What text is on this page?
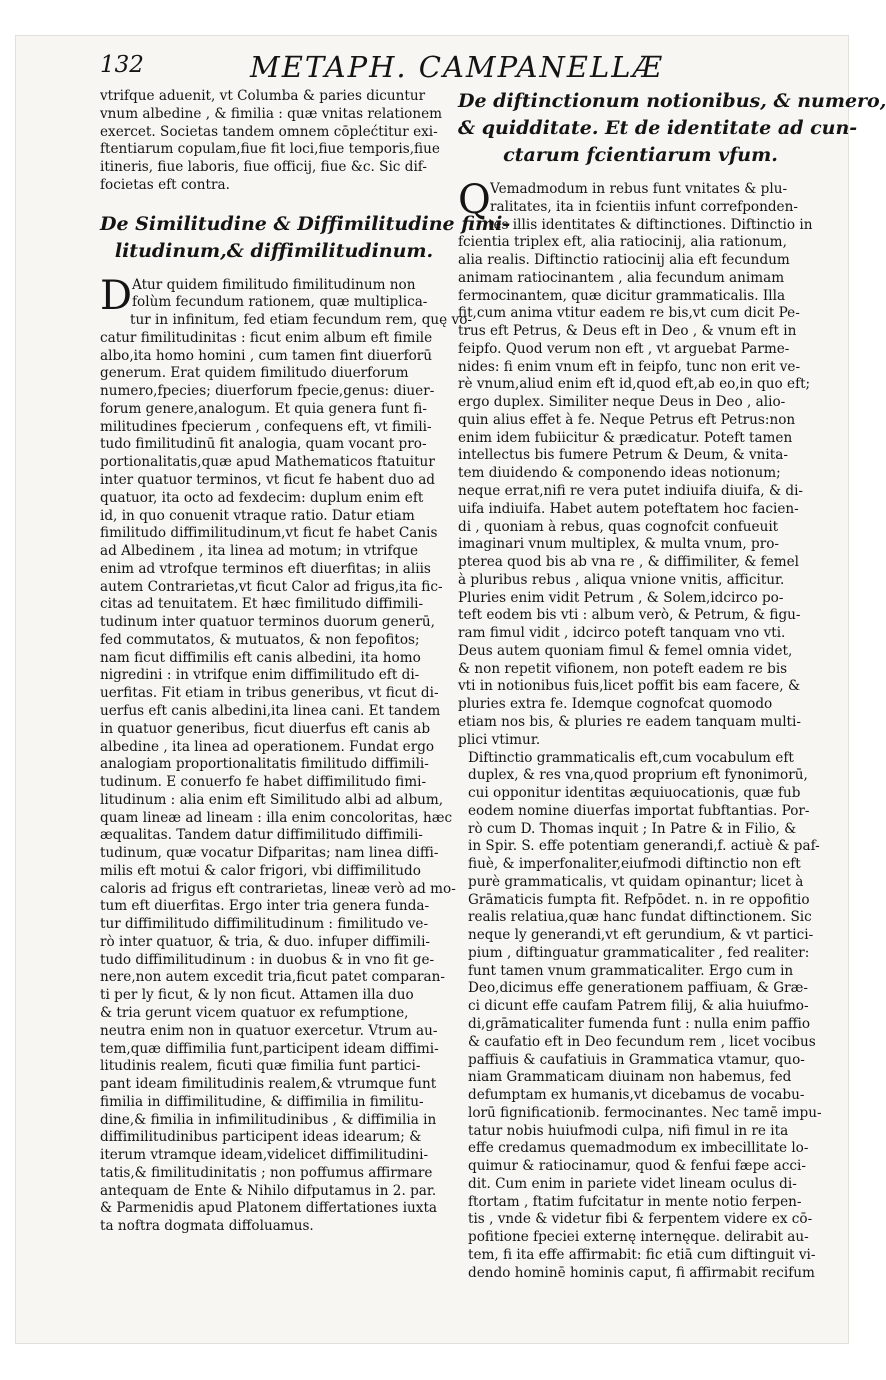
132	METAPH. CAMPANELLÆ
vtrifque aduenit, vt Columba & paries dicuntur
vnum albedine , & fimilia : quæ vnitas relationem
exercet. Societas tandem omnem cōplećtitur exi-
ftentiarum copulam,fiue fit loci,fiue temporis,fiue
itineris, fiue laboris, fiue officij, fiue &c. Sic dif-
focietas eft contra.
De Similitudine & Diffimilitudine fimi-
litudinum,& diffimilitudinum.
D Atur quidem fimilitudo fimilitudinum non
folùm fecundum rationem, quæ multiplica-
tur in infinitum, fed etiam fecundum rem, quę vo-
catur fimilitudinitas : ficut enim album eft fimile
albo,ita homo homini , cum tamen fint diuerforū
generum. Erat quidem fimilitudo diuerforum
numero,fpecies; diuerforum fpecie,genus: diuer-
forum genere,analogum. Et quia genera funt fi-
militudines fpecierum , confequens eft, vt fimili-
tudo fimilitudinū fit analogia, quam vocant pro-
portionalitatis,quæ apud Mathematicos ftatuitur
inter quatuor terminos, vt ficut fe habent duo ad
quatuor, ita octo ad fexdecim: duplum enim eft
id, in quo conuenit vtraque ratio. Datur etiam
fimilitudo diffimilitudinum,vt ficut fe habet Canis
ad Albedinem , ita linea ad motum; in vtrifque
enim ad vtrofque terminos eft diuerfitas; in aliis
autem Contrarietas,vt ficut Calor ad frigus,ita fic-
citas ad tenuitatem. Et hæc fimilitudo diffimili-
tudinum inter quatuor terminos duorum generū,
fed commutatos, & mutuatos, & non fepofitos;
nam ficut diffimilis eft canis albedini, ita homo
nigredini : in vtrifque enim diffimilitudo eft di-
uerfitas. Fit etiam in tribus generibus, vt ficut di-
uerfus eft canis albedini,ita linea cani. Et tandem
in quatuor generibus, ficut diuerfus eft canis ab
albedine , ita linea ad operationem. Fundat ergo
analogiam proportionalitatis fimilitudo diffimili-
tudinum. E conuerfo fe habet diffimilitudo fimi-
litudinum : alia enim eft Similitudo albi ad album,
quam lineæ ad lineam : illa enim concoloritas, hæc
æqualitas. Tandem datur diffimilitudo diffimili-
tudinum, quæ vocatur Difparitas; nam linea diffi-
milis eft motui & calor frigori, vbi diffimilitudo
caloris ad frigus eft contrarietas, lineæ verò ad mo-
tum eft diuerfitas. Ergo inter tria genera funda-
tur diffimilitudo diffimilitudinum : fimilitudo ve-
rò inter quatuor, & tria, & duo. infuper diffimili-
tudo diffimilitudinum : in duobus & in vno fit ge-
nere,non autem excedit tria,ficut patet comparan-
ti per ly ficut, & ly non ficut. Attamen illa duo
& tria gerunt vicem quatuor ex refumptione,
neutra enim non in quatuor exercetur. Vtrum au-
tem,quæ diffimilia funt,participent ideam diffimi-
litudinis realem, ficuti quæ fimilia funt partici-
pant ideam fimilitudinis realem,& vtrumque funt
fimilia in diffimilitudine, & diffimilia in fimilitu-
dine,& fimilia in infimilitudinibus , & diffimilia in
diffimilitudinibus participent ideas idearum; &
iterum vtramque ideam,videlicet diffimilitudini-
tatis,& fimilitudinitatis ; non poffumus affirmare
antequam de Ente & Nihilo difputamus in 2. par.
& Parmenidis apud Platonem differtationes iuxta
ta noftra dogmata diffoluamus.
De diftinctionum notionibus, & numero,
& quidditate. Et de identitate ad cun-
ctarum fcientiarum vfum.
Q Vemadmodum in rebus funt vnitates & plu-
ralitates, ita in fcientiis infunt correfponden-
tes illis identitates & diftinctiones. Diftinctio in
fcientia triplex eft, alia ratiocinij, alia rationum,
alia realis. Diftinctio ratiocinij alia eft fecundum
animam ratiocinantem , alia fecundum animam
fermocinantem, quæ dicitur grammaticalis. Illa
fit,cum anima vtitur eadem re bis,vt cum dicit Pe-
trus eft Petrus, & Deus eft in Deo , & vnum eft in
feipfo. Quod verum non eft , vt arguebat Parme-
nides: fi enim vnum eft in feipfo, tunc non erit ve-
rè vnum,aliud enim eft id,quod eft,ab eo,in quo eft;
ergo duplex. Similiter neque Deus in Deo , alio-
quin alius effet à fe. Neque Petrus eft Petrus:non
enim idem fubiicitur & prædicatur. Poteft tamen
intellectus bis fumere Petrum & Deum, & vnita-
tem diuidendo & componendo ideas notionum;
neque errat,nifi re vera putet indiuifa diuifa, & di-
uifa indiuifa. Habet autem poteftatem hoc facien-
di , quoniam à rebus, quas cognofcit confueuit
imaginari vnum multiplex, & multa vnum, pro-
pterea quod bis ab vna re , & diffimiliter, & femel
à pluribus rebus , aliqua vnione vnitis, afficitur.
Pluries enim vidit Petrum , & Solem,idcirco po-
teft eodem bis vti : album verò, & Petrum, & figu-
ram fimul vidit , idcirco poteft tanquam vno vti.
Deus autem quoniam fimul & femel omnia videt,
& non repetit vifionem, non poteft eadem re bis
vti in notionibus fuis,licet poffit bis eam facere, &
pluries extra fe. Idemque cognofcat quomodo
etiam nos bis, & pluries re eadem tanquam multi-
plici vtimur.
Diftinctio grammaticalis eft,cum vocabulum eft
duplex, & res vna,quod proprium eft fynonimorū,
cui opponitur identitas æquiuocationis, quæ fub
eodem nomine diuerfas importat fubftantias. Por-
rò cum D. Thomas inquit ; In Patre & in Filio, &
in Spir. S. effe potentiam generandi,f. actiuè & paf-
fiuè, & imperfonaliter,eiufmodi diftinctio non eft
purè grammaticalis, vt quidam opinantur; licet à
Grāmaticis fumpta fit. Refpōdet. n. in re oppofitio
realis relatiua,quæ hanc fundat diftinctionem. Sic
neque ly generandi,vt eft gerundium, & vt partici-
pium , diftinguatur grammaticaliter , fed realiter:
funt tamen vnum grammaticaliter. Ergo cum in
Deo,dicimus effe generationem paffiuam, & Græ-
ci dicunt effe caufam Patrem filij, & alia huiufmo-
di,grāmaticaliter fumenda funt : nulla enim paffio
& caufatio eft in Deo fecundum rem , licet vocibus
paffiuis & caufatiuis in Grammatica vtamur, quo-
niam Grammaticam diuinam non habemus, fed
defumptam ex humanis,vt dicebamus de vocabu-
lorū fignificationib. fermocinantes. Nec tamē impu-
tatur nobis huiufmodi culpa, nifi fimul in re ita
effe credamus quemadmodum ex imbecillitate lo-
quimur & ratiocinamur, quod & fenfui fæpe acci-
dit. Cum enim in pariete videt lineam oculus di-
ftortam , ftatim fufcitatur in mente notio ferpen-
tis , vnde & videtur fibi & ferpentem videre ex cō-
pofitione fpeciei externę internęque. delirabit au-
tem, fi ita effe affirmabit: fic etiā cum diftinguit vi-
dendo hominē hominis caput, fi affirmabit recifum
